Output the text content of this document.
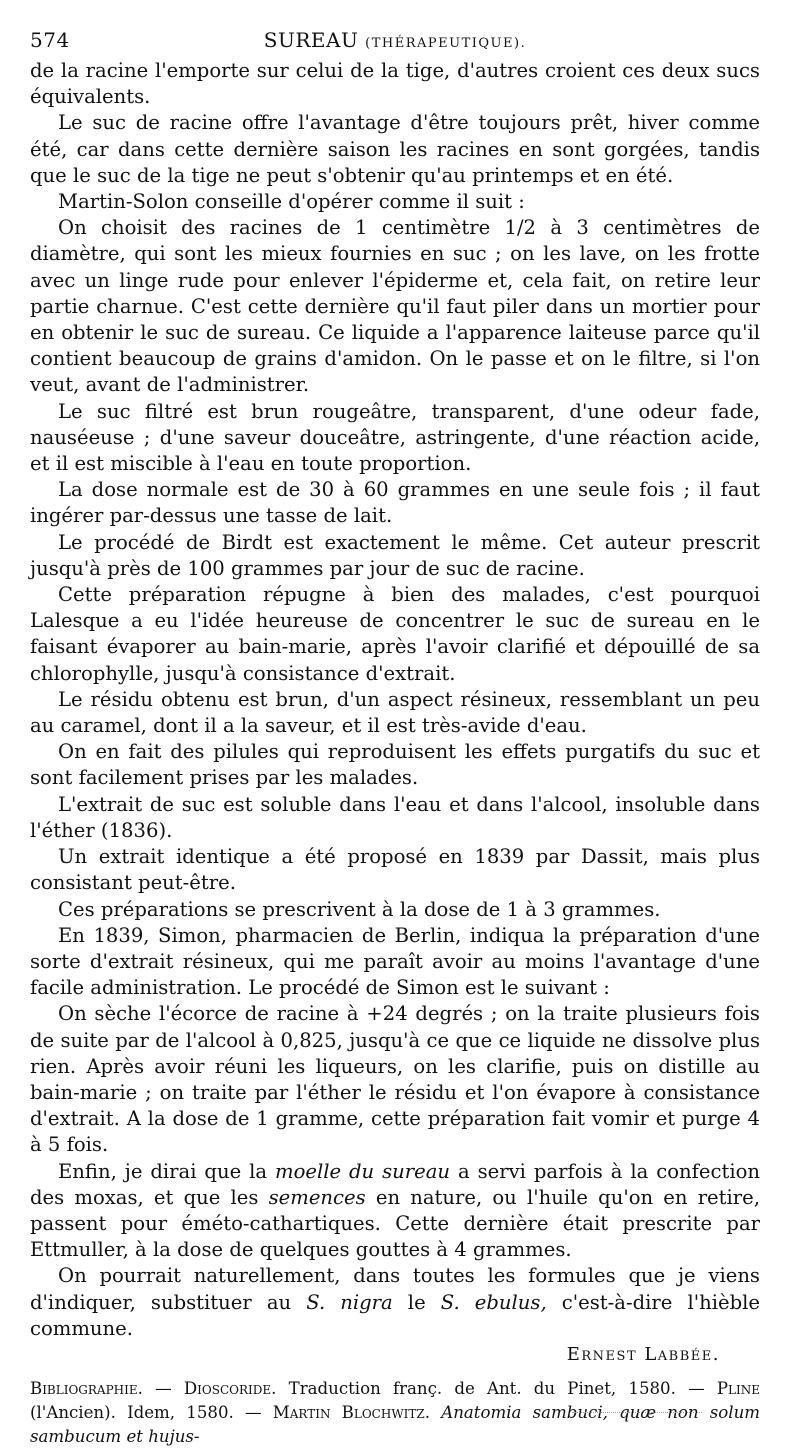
574	SUREAU (THÉRAPEUTIQUE).

de la racine l'emporte sur celui de la tige, d'autres croient ces deux sucs équivalents.

Le suc de racine offre l'avantage d'être toujours prêt, hiver comme été, car dans cette dernière saison les racines en sont gorgées, tandis que le suc de la tige ne peut s'obtenir qu'au printemps et en été.

Martin-Solon conseille d'opérer comme il suit :

On choisit des racines de 1 centimètre 1/2 à 3 centimètres de diamètre, qui sont les mieux fournies en suc ; on les lave, on les frotte avec un linge rude pour enlever l'épiderme et, cela fait, on retire leur partie charnue. C'est cette dernière qu'il faut piler dans un mortier pour en obtenir le suc de sureau. Ce liquide a l'apparence laiteuse parce qu'il contient beaucoup de grains d'amidon. On le passe et on le filtre, si l'on veut, avant de l'administrer.

Le suc filtré est brun rougeâtre, transparent, d'une odeur fade, nauséeuse ; d'une saveur douceâtre, astringente, d'une réaction acide, et il est miscible à l'eau en toute proportion.

La dose normale est de 30 à 60 grammes en une seule fois ; il faut ingérer par-dessus une tasse de lait.

Le procédé de Birdt est exactement le même. Cet auteur prescrit jusqu'à près de 100 grammes par jour de suc de racine.

Cette préparation répugne à bien des malades, c'est pourquoi Lalesque a eu l'idée heureuse de concentrer le suc de sureau en le faisant évaporer au bain-marie, après l'avoir clarifié et dépouillé de sa chlorophylle, jusqu'à consistance d'extrait.

Le résidu obtenu est brun, d'un aspect résineux, ressemblant un peu au caramel, dont il a la saveur, et il est très-avide d'eau.

On en fait des pilules qui reproduisent les effets purgatifs du suc et sont facilement prises par les malades.

L'extrait de suc est soluble dans l'eau et dans l'alcool, insoluble dans l'éther (1836).

Un extrait identique a été proposé en 1839 par Dassit, mais plus consistant peut-être.

Ces préparations se prescrivent à la dose de 1 à 3 grammes.

En 1839, Simon, pharmacien de Berlin, indiqua la préparation d'une sorte d'extrait résineux, qui me paraît avoir au moins l'avantage d'une facile administration. Le procédé de Simon est le suivant :

On sèche l'écorce de racine à +24 degrés ; on la traite plusieurs fois de suite par de l'alcool à 0,825, jusqu'à ce que ce liquide ne dissolve plus rien. Après avoir réuni les liqueurs, on les clarifie, puis on distille au bain-marie ; on traite par l'éther le résidu et l'on évapore à consistance d'extrait. A la dose de 1 gramme, cette préparation fait vomir et purge 4 à 5 fois.

Enfin, je dirai que la moelle du sureau a servi parfois à la confection des moxas, et que les semences en nature, ou l'huile qu'on en retire, passent pour éméto-cathartiques. Cette dernière était prescrite par Ettmuller, à la dose de quelques gouttes à 4 grammes.

On pourrait naturellement, dans toutes les formules que je viens d'indiquer, substituer au S. nigra le S. ebulus, c'est-à-dire l'hièble commune.

Ernest Labbée.
Bibliographie. — Dioscoride. Traduction franç. de Ant. du Pinet, 1580. — Pline (l'Ancien). Idem, 1580. — Martin Blochwitz. Anatomia sambuci, quæ non solum sambucum et hujus-
